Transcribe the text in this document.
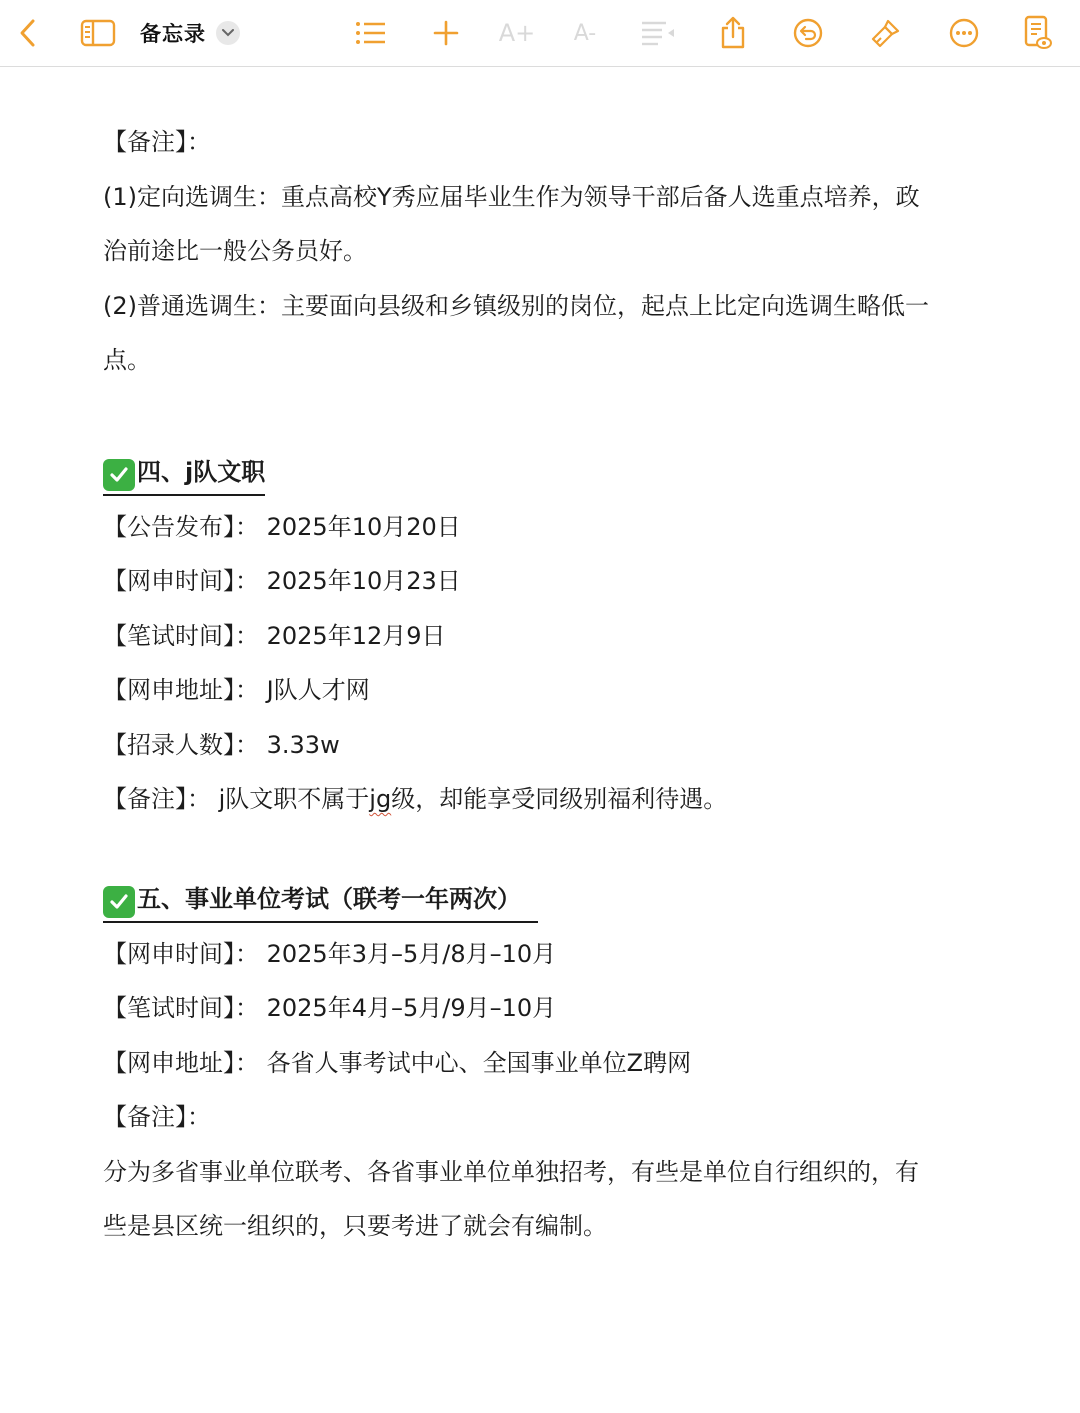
备忘录	A+	A-

【备注】：

(1)定向选调生：重点高校Y秀应届毕业生作为领导干部后备人选重点培养，政

治前途比一般公务员好。

(2)普通选调生：主要面向县级和乡镇级别的岗位，起点上比定向选调生略低一

点。

四、j队文职

【公告发布】： 2025年10月20日

【网申时间】： 2025年10月23日

【笔试时间】： 2025年12月9日

【网申地址】： J队人才网

【招录人数】： 3.33w

【备注】： j队文职不属于jg级，却能享受同级别福利待遇。

五、事业单位考试（联考一年两次）

【网申时间】： 2025年3月–5月/8月–10月

【笔试时间】： 2025年4月–5月/9月–10月

【网申地址】： 各省人事考试中心、全国事业单位Z聘网

【备注】：

分为多省事业单位联考、各省事业单位单独招考，有些是单位自行组织的，有

些是县区统一组织的，只要考进了就会有编制。
